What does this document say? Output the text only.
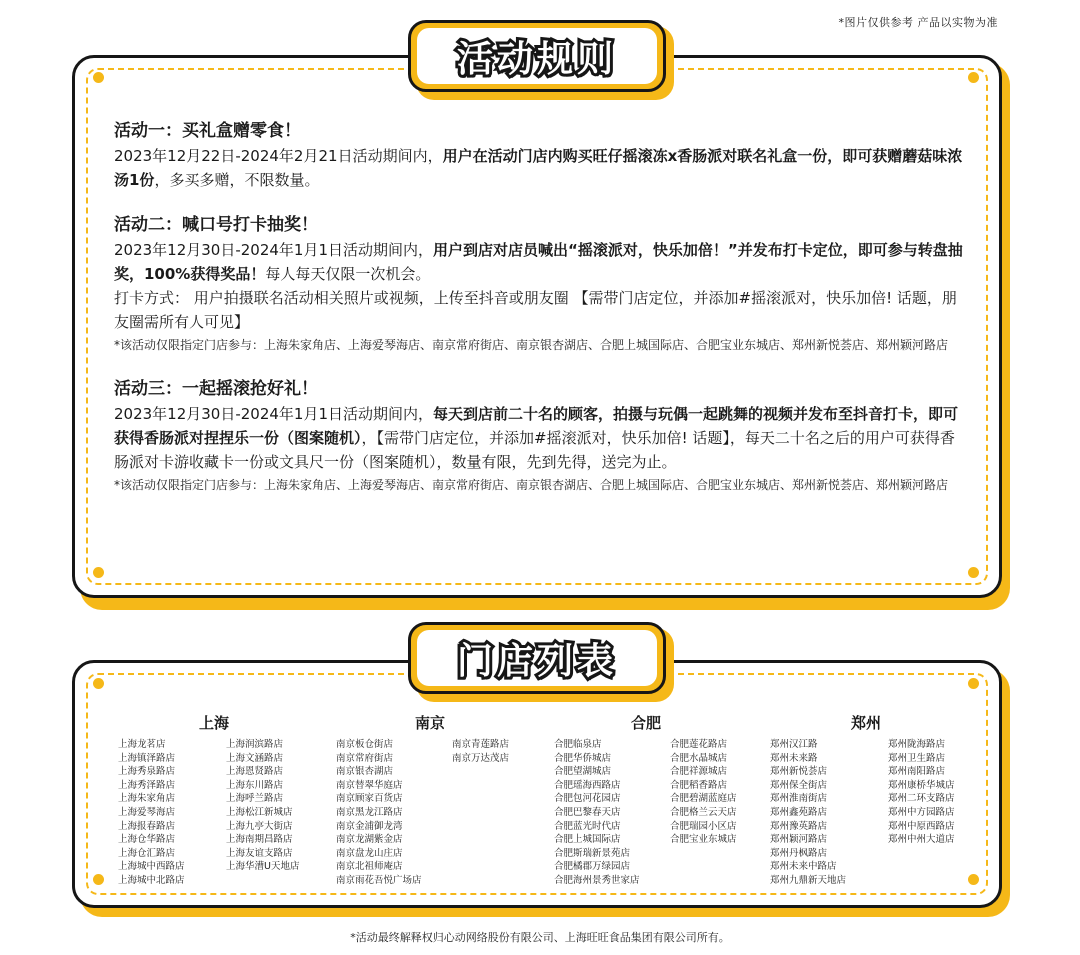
*图片仅供参考 产品以实物为准
活动规则

活动一：买礼盒赠零食！

2023年12月22日-2024年2月21日活动期间内，用户在活动门店内购买旺仔摇滚冻x香肠派对联名礼盒一份，即可获赠蘑菇味浓汤1份，多买多赠，不限数量。

活动二：喊口号打卡抽奖！

2023年12月30日-2024年1月1日活动期间内，用户到店对店员喊出“摇滚派对，快乐加倍！”并发布打卡定位，即可参与转盘抽奖，100%获得奖品！每人每天仅限一次机会。

打卡方式： 用户拍摄联名活动相关照片或视频，上传至抖音或朋友圈 【需带门店定位，并添加#摇滚派对，快乐加倍! 话题，朋友圈需所有人可见】

*该活动仅限指定门店参与：上海朱家角店、上海爱琴海店、南京常府街店、南京银杏湖店、合肥上城国际店、合肥宝业东城店、郑州新悦荟店、郑州颖河路店

活动三：一起摇滚抢好礼！

2023年12月30日-2024年1月1日活动期间内，每天到店前二十名的顾客，拍摄与玩偶一起跳舞的视频并发布至抖音打卡，即可获得香肠派对捏捏乐一份（图案随机），【需带门店定位，并添加#摇滚派对，快乐加倍! 话题】，每天二十名之后的用户可获得香肠派对卡游收藏卡一份或文具尺一份（图案随机），数量有限，先到先得，送完为止。

*该活动仅限指定门店参与：上海朱家角店、上海爱琴海店、南京常府街店、南京银杏湖店、合肥上城国际店、合肥宝业东城店、郑州新悦荟店、郑州颖河路店

门店列表
上海
上海龙茗店
上海镇泽路店
上海秀泉路店
上海秀泽路店
上海朱家角店
上海爱琴海店
上海报春路店
上海仓华路店
上海仓汇路店
上海城中西路店
上海城中北路店
上海润滨路店
上海文涵路店
上海恩贤路店
上海东川路店
上海呼兰路店
上海松江新城店
上海九亭大街店
上海南期昌路店
上海友谊支路店
上海华漕U天地店
南京
南京板仓街店
南京常府街店
南京银杏湖店
南京替翠华庭店
南京顾家百货店
南京黑龙江路店
南京金浦御龙湾
南京龙湖紫金店
南京盘龙山庄店
南京北祖师庵店
南京雨花吾悦广场店
南京青莲路店
南京万达茂店
合肥
合肥临泉店
合肥华侨城店
合肥望湖城店
合肥瑶海西路店
合肥包河花园店
合肥巴黎春天店
合肥蓝光时代店
合肥上城国际店
合肥斯瑞新景苑店
合肥橘郡万绿园店
合肥海州景秀世家店
合肥莲花路店
合肥水晶城店
合肥祥源城店
合肥稻香路店
合肥碧湖蓝庭店
合肥格兰云天店
合肥瑞园小区店
合肥宝业东城店
郑州
郑州汉江路
郑州未来路
郑州新悦荟店
郑州保全街店
郑州淮南街店
郑州鑫苑路店
郑州豫英路店
郑州颖河路店
郑州丹枫路店
郑州未来中路店
郑州九鼎新天地店
郑州陇海路店
郑州卫生路店
郑州南阳路店
郑州康桥华城店
郑州二环支路店
郑州中方园路店
郑州中原西路店
郑州中州大道店
*活动最终解释权归心动网络股份有限公司、上海旺旺食品集团有限公司所有。
